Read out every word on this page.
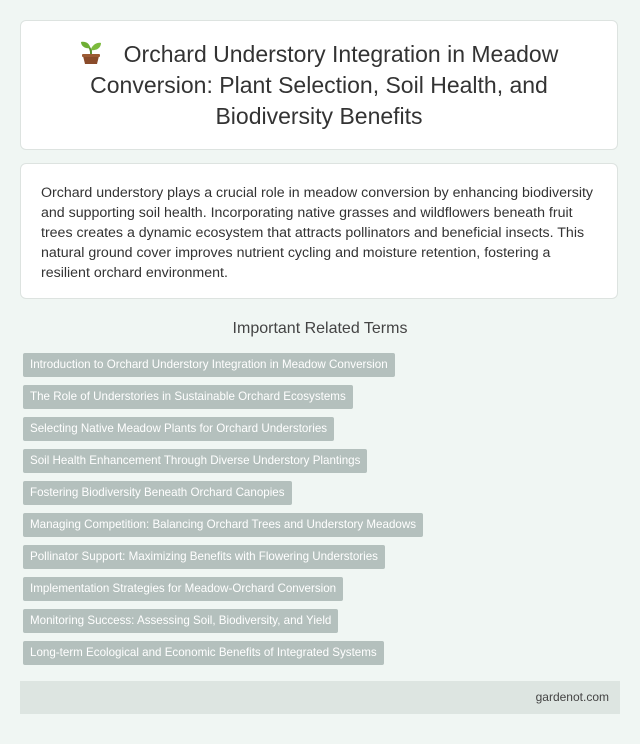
Orchard Understory Integration in Meadow Conversion: Plant Selection, Soil Health, and Biodiversity Benefits

Orchard understory plays a crucial role in meadow conversion by enhancing biodiversity and supporting soil health. Incorporating native grasses and wildflowers beneath fruit trees creates a dynamic ecosystem that attracts pollinators and beneficial insects. This natural ground cover improves nutrient cycling and moisture retention, fostering a resilient orchard environment.

Important Related Terms
Introduction to Orchard Understory Integration in Meadow Conversion
The Role of Understories in Sustainable Orchard Ecosystems
Selecting Native Meadow Plants for Orchard Understories
Soil Health Enhancement Through Diverse Understory Plantings
Fostering Biodiversity Beneath Orchard Canopies
Managing Competition: Balancing Orchard Trees and Understory Meadows
Pollinator Support: Maximizing Benefits with Flowering Understories
Implementation Strategies for Meadow-Orchard Conversion
Monitoring Success: Assessing Soil, Biodiversity, and Yield
Long-term Ecological and Economic Benefits of Integrated Systems
gardenot.com
